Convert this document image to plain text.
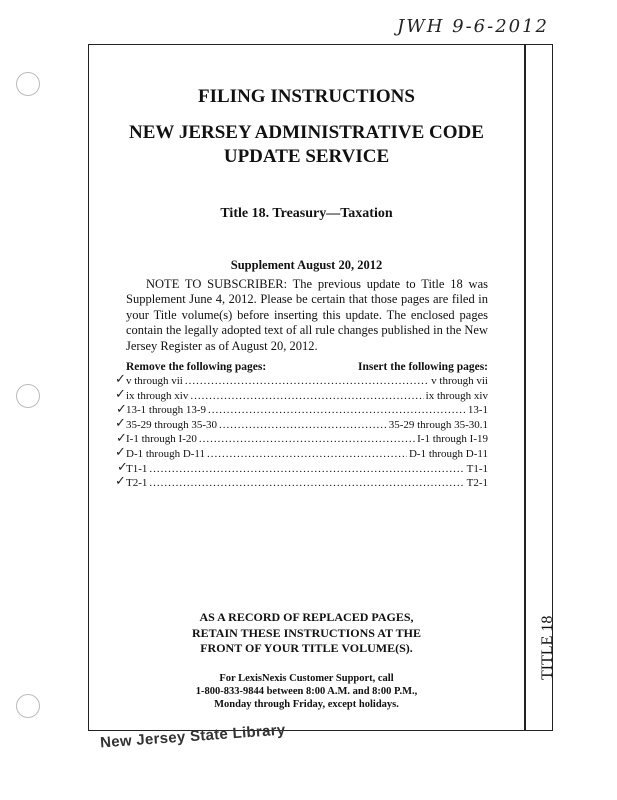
JWH 9-6-2012
FILING INSTRUCTIONS
NEW JERSEY ADMINISTRATIVE CODE
UPDATE SERVICE
Title 18. Treasury—Taxation
Supplement August 20, 2012
NOTE TO SUBSCRIBER: The previous update to Title 18 was Supplement June 4, 2012. Please be certain that those pages are filed in your Title volume(s) before inserting this update. The enclosed pages contain the legally adopted text of all rule changes published in the New Jersey Register as of August 20, 2012.
Remove the following pages:	Insert the following pages:
v through vii .....	v through vii
ix through xiv .....	ix through xiv
13-1 through 13-9 .....	13-1
35-29 through 35-30 .....	35-29 through 35-30.1
I-1 through I-20 .....	I-1 through I-19
D-1 through D-11 .....	D-1 through D-11
T1-1 .....	T1-1
T2-1 .....	T2-1
✓
✓
✓
✓
✓
✓
✓
✓
AS A RECORD OF REPLACED PAGES,
RETAIN THESE INSTRUCTIONS AT THE
FRONT OF YOUR TITLE VOLUME(S).
For LexisNexis Customer Support, call
1-800-833-9844 between 8:00 A.M. and 8:00 P.M.,
Monday through Friday, except holidays.
TITLE 18
New Jersey State Library
